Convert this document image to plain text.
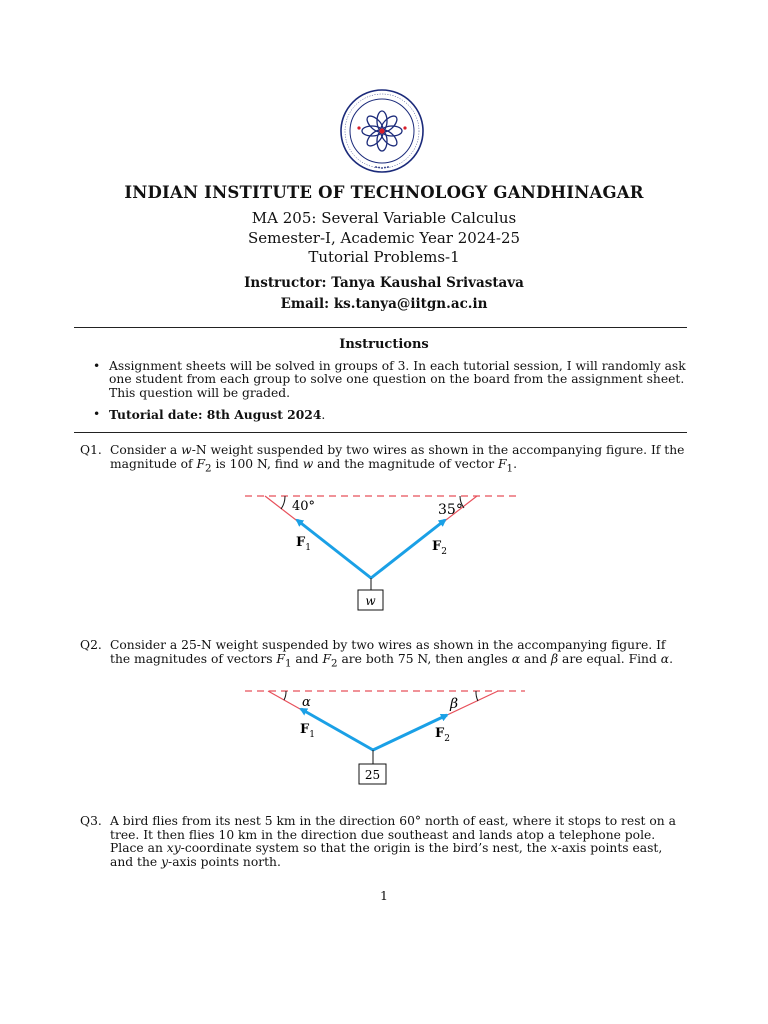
INDIAN INSTITUTE OF TECHNOLOGY GANDHINAGAR
MA 205: Several Variable Calculus
Semester-I, Academic Year 2024-25
Tutorial Problems-1
Instructor: Tanya Kaushal Srivastava
Email: ks.tanya@iitgn.ac.in
Instructions
• Assignment sheets will be solved in groups of 3. In each tutorial session, I will randomly ask one student from each group to solve one question on the board from the assignment sheet. This question will be graded.
• Tutorial date: 8th August 2024.
Q1. Consider a w-N weight suspended by two wires as shown in the accompanying figure. If the magnitude of $F_2$ is 100 N, find w and the magnitude of vector $F_1$.
40°	35°
$F_1$	$F_2$
w
Q2. Consider a 25-N weight suspended by two wires as shown in the accompanying figure. If the magnitudes of vectors $F_1$ and $F_2$ are both 75 N, then angles α and β are equal. Find α.
α	β
$F_1$	$F_2$
25
Q3. A bird flies from its nest 5 km in the direction 60° north of east, where it stops to rest on a tree. It then flies 10 km in the direction due southeast and lands atop a telephone pole. Place an xy-coordinate system so that the origin is the bird’s nest, the x-axis points east, and the y-axis points north.
1
